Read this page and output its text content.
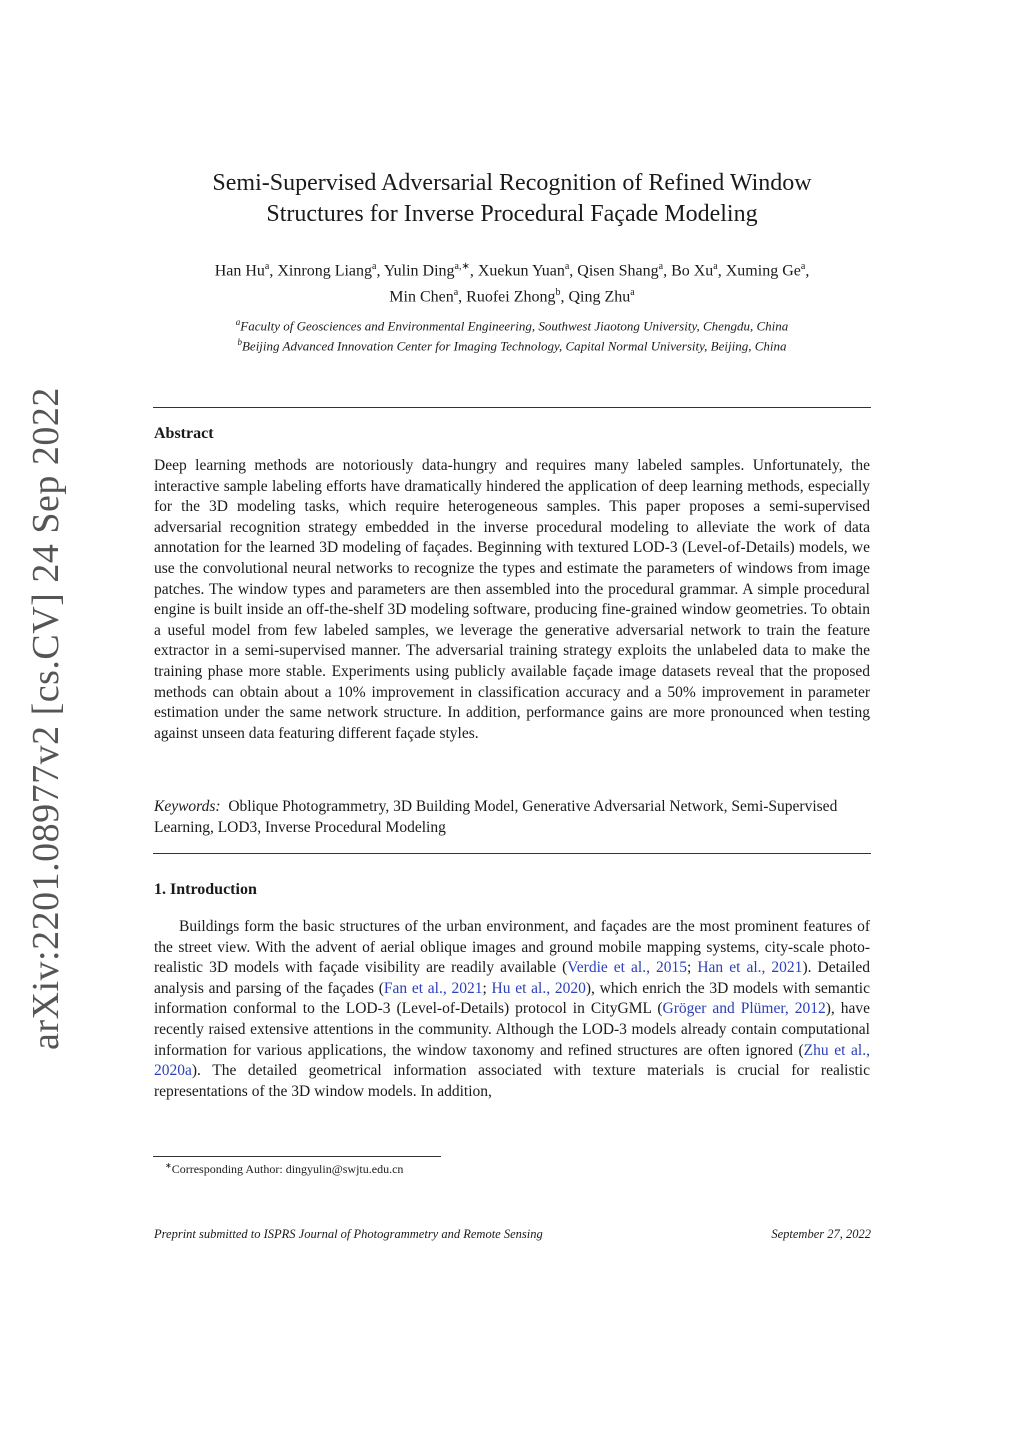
arXiv:2201.08977v2 [cs.CV] 24 Sep 2022
Semi-Supervised Adversarial Recognition of Refined Window
Structures for Inverse Procedural Façade Modeling
Han Hu$^a$, Xinrong Liang$^a$, Yulin Ding$^{a,∗}$, Xuekun Yuan$^a$, Qisen Shang$^a$, Bo Xu$^a$, Xuming Ge$^a$,
Min Chen$^a$, Ruofei Zhong$^b$, Qing Zhu$^a$
$^a$Faculty of Geosciences and Environmental Engineering, Southwest Jiaotong University, Chengdu, China
$^b$Beijing Advanced Innovation Center for Imaging Technology, Capital Normal University, Beijing, China
Abstract

Deep learning methods are notoriously data-hungry and requires many labeled samples. Unfortunately, the interactive sample labeling efforts have dramatically hindered the application of deep learning methods, especially for the 3D modeling tasks, which require heterogeneous samples. This paper proposes a semi-supervised adversarial recognition strategy embedded in the inverse procedural modeling to alleviate the work of data annotation for the learned 3D modeling of façades. Beginning with textured LOD-3 (Level-of-Details) models, we use the convolutional neural networks to recognize the types and estimate the parameters of windows from image patches. The window types and parameters are then assembled into the procedural grammar. A simple procedural engine is built inside an off-the-shelf 3D modeling software, producing fine-grained window geometries. To obtain a useful model from few labeled samples, we leverage the generative adversarial network to train the feature extractor in a semi-supervised manner. The adversarial training strategy exploits the unlabeled data to make the training phase more stable. Experiments using publicly available façade image datasets reveal that the proposed methods can obtain about a 10% improvement in classification accuracy and a 50% improvement in parameter estimation under the same network structure. In addition, performance gains are more pronounced when testing against unseen data featuring different façade styles.

Keywords: Oblique Photogrammetry, 3D Building Model, Generative Adversarial Network, Semi-Supervised Learning, LOD3, Inverse Procedural Modeling

1. Introduction

Buildings form the basic structures of the urban environment, and façades are the most prominent features of the street view. With the advent of aerial oblique images and ground mobile mapping systems, city-scale photo-realistic 3D models with façade visibility are readily available (Verdie et al., 2015; Han et al., 2021). Detailed analysis and parsing of the façades (Fan et al., 2021; Hu et al., 2020), which enrich the 3D models with semantic information conformal to the LOD-3 (Level-of-Details) protocol in CityGML (Gröger and Plümer, 2012), have recently raised extensive attentions in the community. Although the LOD-3 models already contain computational information for various applications, the window taxonomy and refined structures are often ignored (Zhu et al., 2020a). The detailed geometrical information associated with texture materials is crucial for realistic representations of the 3D window models. In addition,

∗Corresponding Author: dingyulin@swjtu.edu.cn
Preprint submitted to ISPRS Journal of Photogrammetry and Remote Sensing	September 27, 2022
